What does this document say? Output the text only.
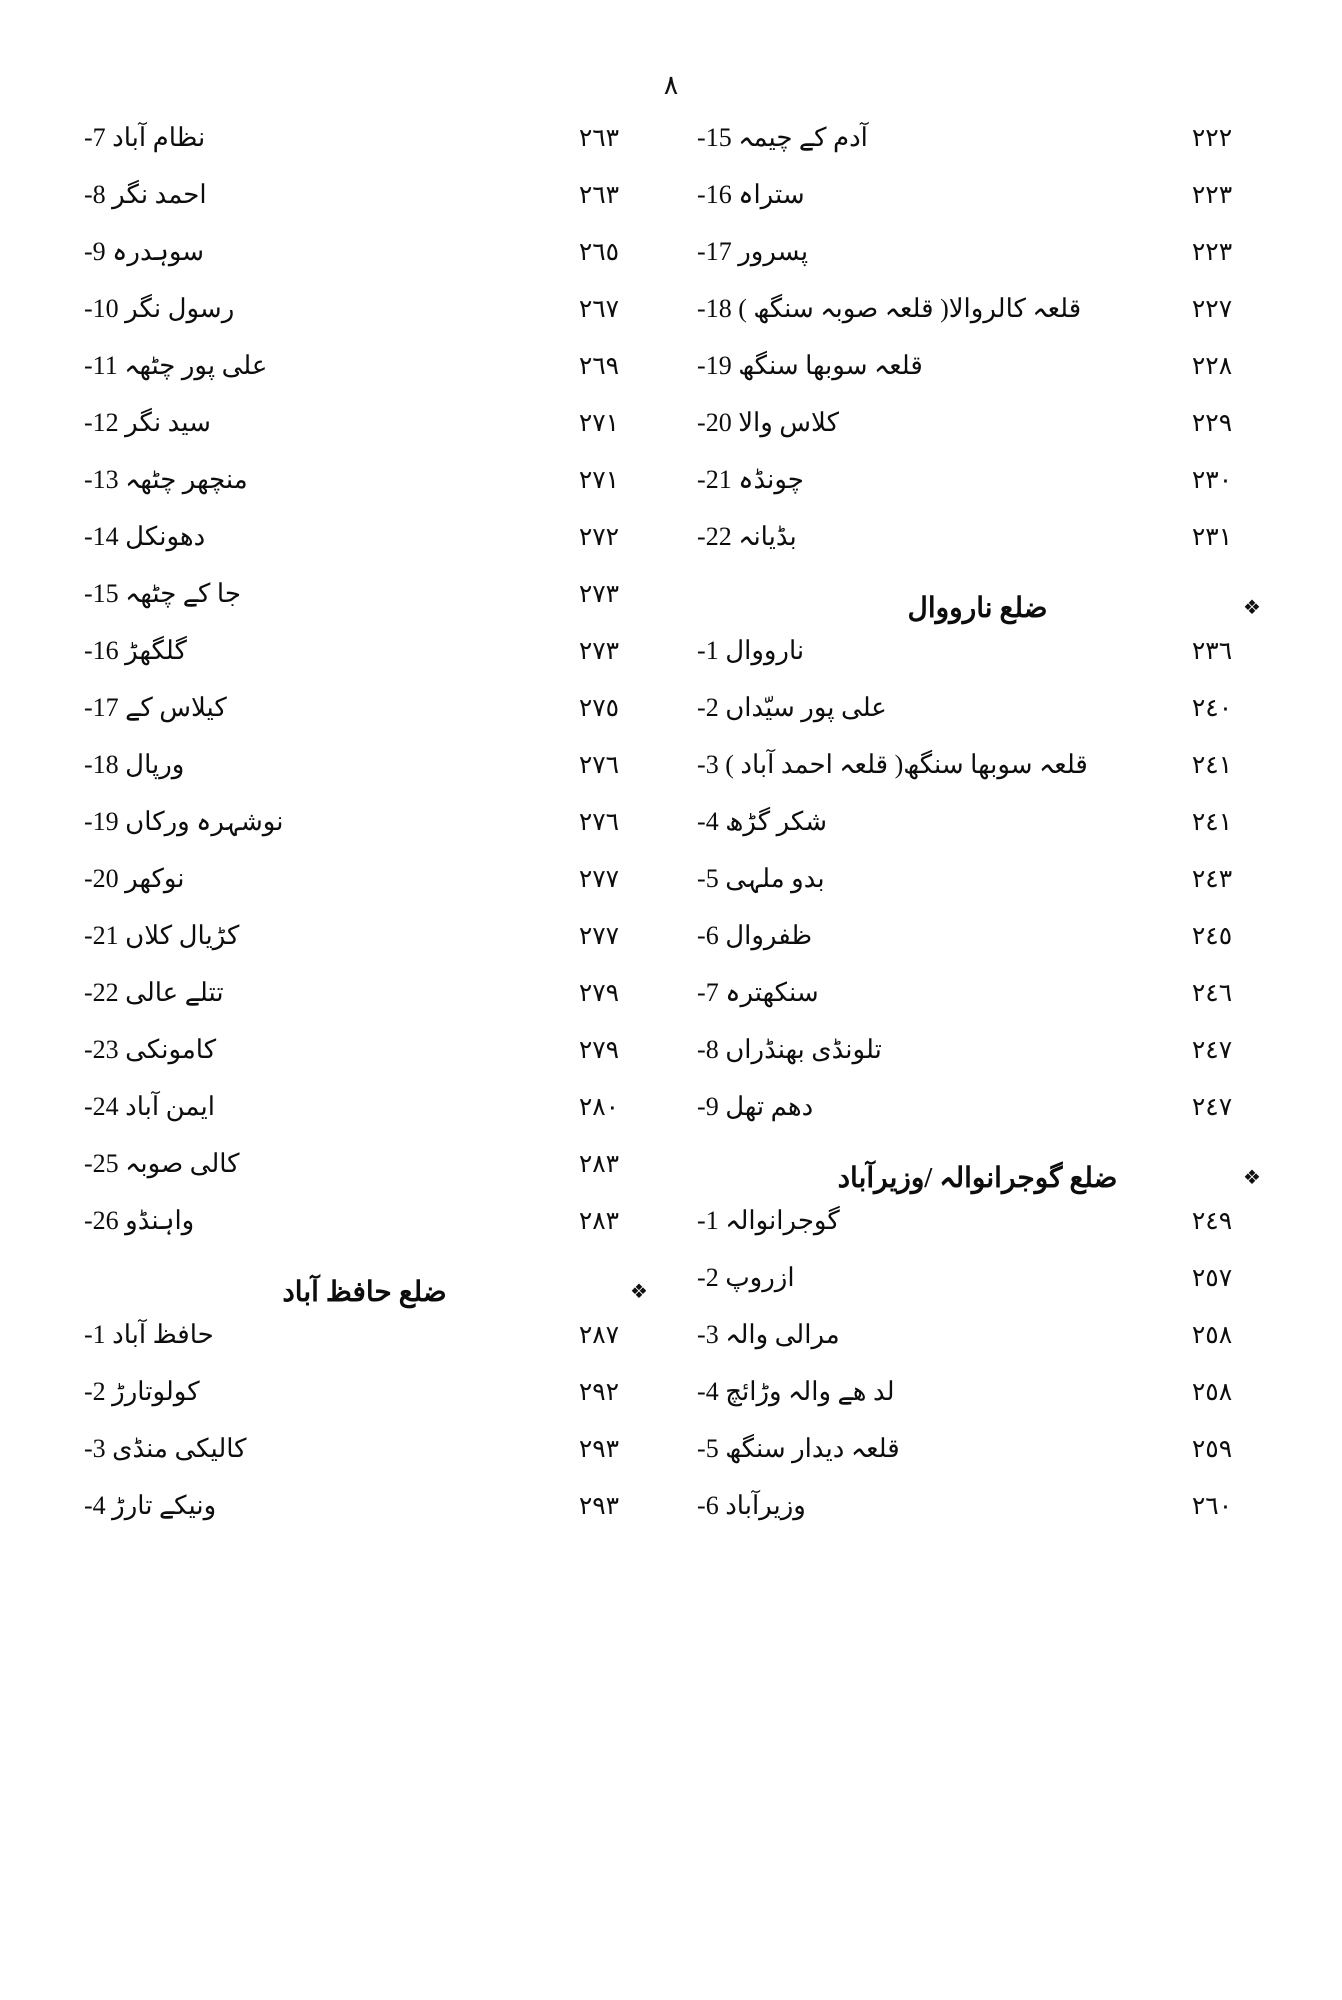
٨
٢٢٢
آدم کے چیمہ 15-
٢٢٣
ستراہ 16-
٢٢٣
پسرور 17-
٢٢٧
قلعہ کالروالا( قلعہ صوبہ سنگھ ) 18-
٢٢٨
قلعہ سوبھا سنگھ 19-
٢٢٩
کلاس والا 20-
٢٣٠
چونڈہ 21-
٢٣١
بڈیانہ 22-
❖
ضلع نارووال
٢٣٦
نارووال 1-
٢٤٠
علی پور سیّداں 2-
٢٤١
قلعہ سوبھا سنگھ( قلعہ احمد آباد ) 3-
٢٤١
شکر گڑھ 4-
٢٤٣
بدو ملہی 5-
٢٤٥
ظفروال 6-
٢٤٦
سنکھترہ 7-
٢٤٧
تلونڈی بھنڈراں 8-
٢٤٧
دھم تھل 9-
❖
ضلع گوجرانوالہ /وزیرآباد
٢٤٩
گوجرانوالہ 1-
٢٥٧
ازروپ 2-
٢٥٨
مرالی والہ 3-
٢٥٨
لد ھے والہ وڑائچ 4-
٢٥٩
قلعہ دیدار سنگھ 5-
٢٦٠
وزیرآباد 6-
٢٦٣
نظام آباد 7-
٢٦٣
احمد نگر 8-
٢٦٥
سوہدرہ 9-
٢٦٧
رسول نگر 10-
٢٦٩
علی پور چٹھہ 11-
٢٧١
سید نگر 12-
٢٧١
منچھر چٹھہ 13-
٢٧٢
دھونکل 14-
٢٧٣
جا کے چٹھہ 15-
٢٧٣
گلگھڑ 16-
٢٧٥
کیلاس کے 17-
٢٧٦
ورپال 18-
٢٧٦
نوشہرہ ورکاں 19-
٢٧٧
نوکھر 20-
٢٧٧
کڑیال کلاں 21-
٢٧٩
تتلے عالی 22-
٢٧٩
کامونکی 23-
٢٨٠
ایمن آباد 24-
٢٨٣
کالی صوبہ 25-
٢٨٣
واہنڈو 26-
❖
ضلع حافظ آباد
٢٨٧
حافظ آباد 1-
٢٩٢
کولوتارڑ 2-
٢٩٣
کالیکی منڈی 3-
٢٩٣
ونیکے تارڑ 4-
